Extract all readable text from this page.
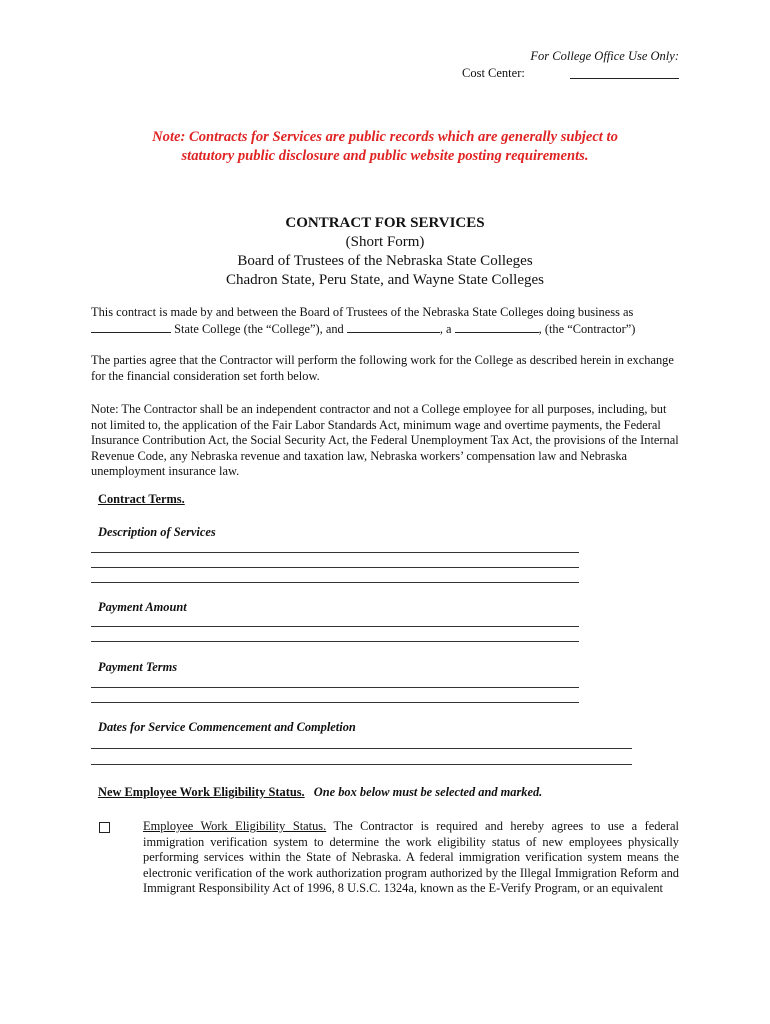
For College Office Use Only:
Cost Center:
Note: Contracts for Services are public records which are generally subject to
statutory public disclosure and public website posting requirements.
CONTRACT FOR SERVICES
(Short Form)
Board of Trustees of the Nebraska State Colleges
Chadron State, Peru State, and Wayne State Colleges
This contract is made by and between the Board of Trustees of the Nebraska State Colleges doing business as
State College (the “College”), and	, a	, (the “Contractor”)
The parties agree that the Contractor will perform the following work for the College as described herein in exchange for the financial consideration set forth below.
Note: The Contractor shall be an independent contractor and not a College employee for all purposes, including, but not limited to, the application of the Fair Labor Standards Act, minimum wage and overtime payments, the Federal Insurance Contribution Act, the Social Security Act, the Federal Unemployment Tax Act, the provisions of the Internal Revenue Code, any Nebraska revenue and taxation law, Nebraska workers’ compensation law and Nebraska unemployment insurance law.
Contract Terms.
Description of Services
Payment Amount
Payment Terms
Dates for Service Commencement and Completion
New Employee Work Eligibility Status. One box below must be selected and marked.
Employee Work Eligibility Status. The Contractor is required and hereby agrees to use a federal immigration verification system to determine the work eligibility status of new employees physically performing services within the State of Nebraska. A federal immigration verification system means the electronic verification of the work authorization program authorized by the Illegal Immigration Reform and Immigrant Responsibility Act of 1996, 8 U.S.C. 1324a, known as the E-Verify Program, or an equivalent
